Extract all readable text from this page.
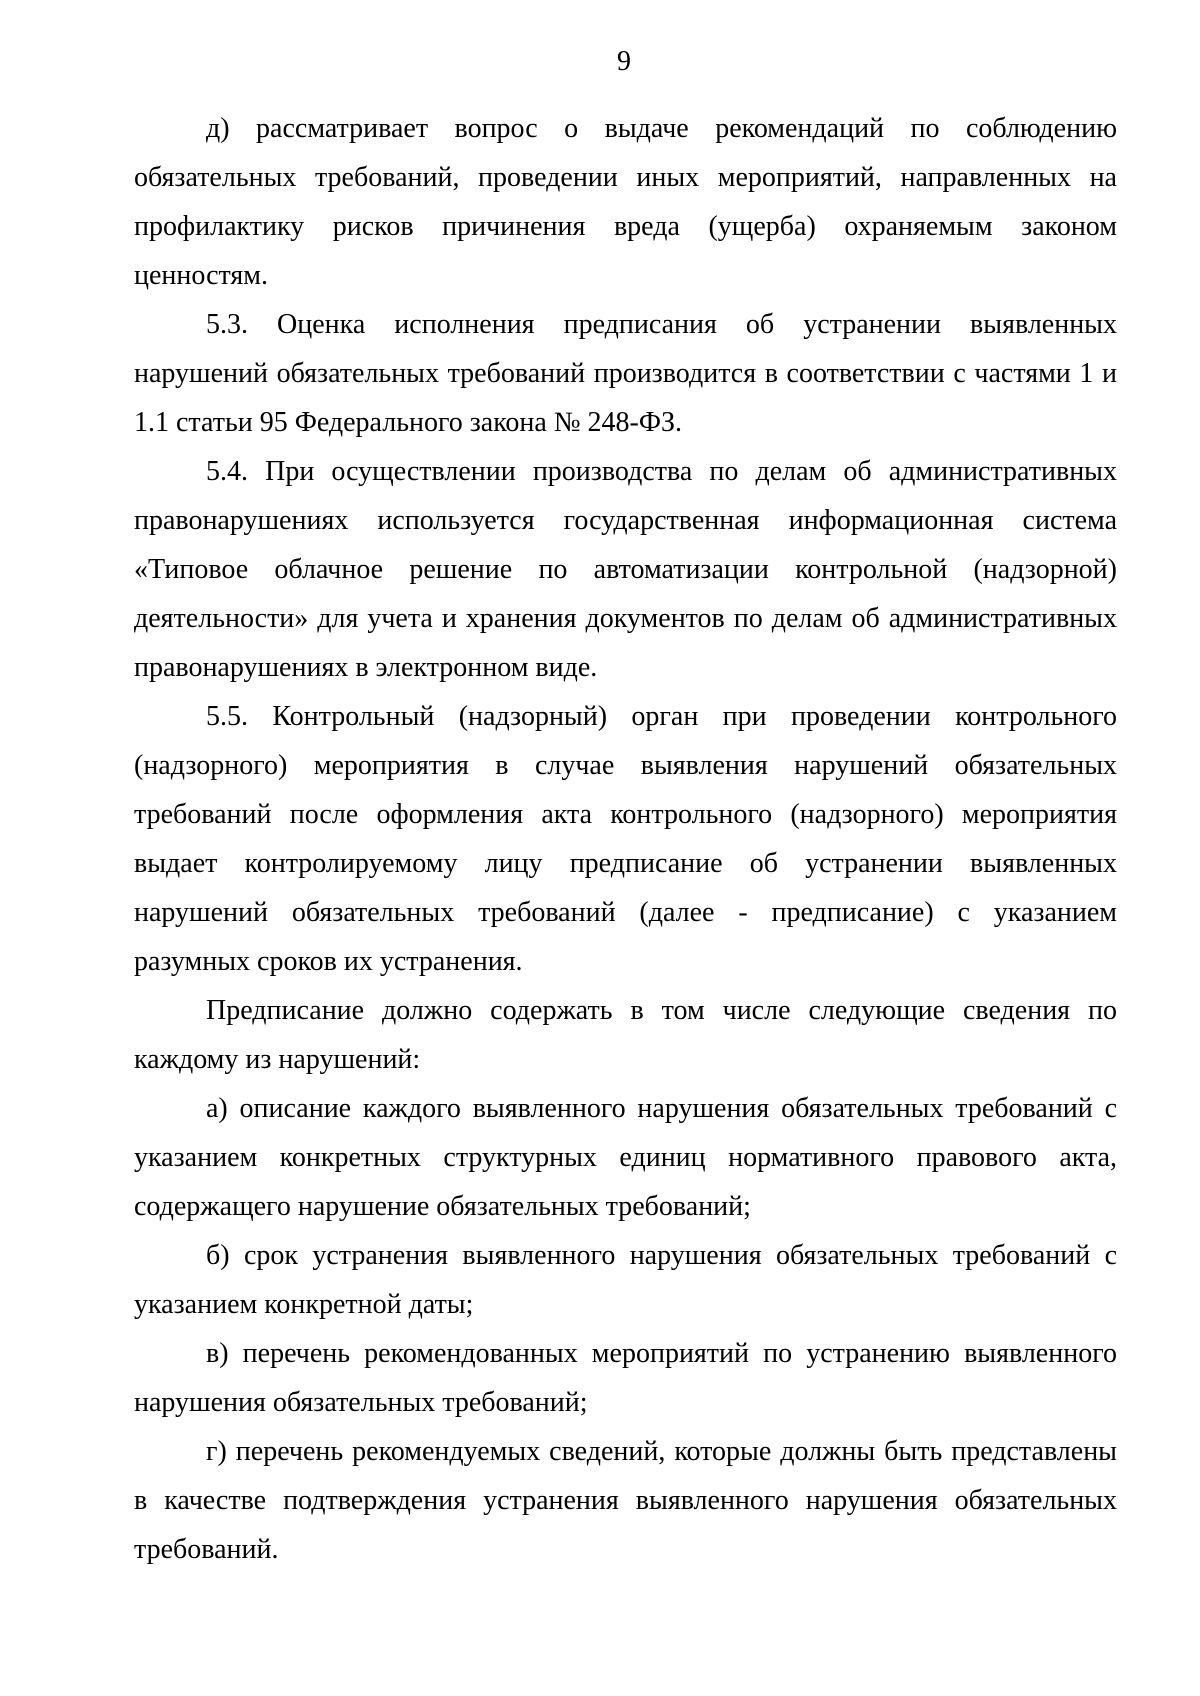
9

д) рассматривает вопрос о выдаче рекомендаций по соблюдению обязательных требований, проведении иных мероприятий, направленных на профилактику рисков причинения вреда (ущерба) охраняемым законом ценностям.

5.3. Оценка исполнения предписания об устранении выявленных нарушений обязательных требований производится в соответствии с частями 1 и 1.1 статьи 95 Федерального закона № 248-ФЗ.

5.4. При осуществлении производства по делам об административных правонарушениях используется государственная информационная система «Типовое облачное решение по автоматизации контрольной (надзорной) деятельности» для учета и хранения документов по делам об административных правонарушениях в электронном виде.

5.5. Контрольный (надзорный) орган при проведении контрольного (надзорного) мероприятия в случае выявления нарушений обязательных требований после оформления акта контрольного (надзорного) мероприятия выдает контролируемому лицу предписание об устранении выявленных нарушений обязательных требований (далее - предписание) с указанием разумных сроков их устранения.

Предписание должно содержать в том числе следующие сведения по каждому из нарушений:

а) описание каждого выявленного нарушения обязательных требований с указанием конкретных структурных единиц нормативного правового акта, содержащего нарушение обязательных требований;

б) срок устранения выявленного нарушения обязательных требований с указанием конкретной даты;

в) перечень рекомендованных мероприятий по устранению выявленного нарушения обязательных требований;

г) перечень рекомендуемых сведений, которые должны быть представлены в качестве подтверждения устранения выявленного нарушения обязательных требований.
